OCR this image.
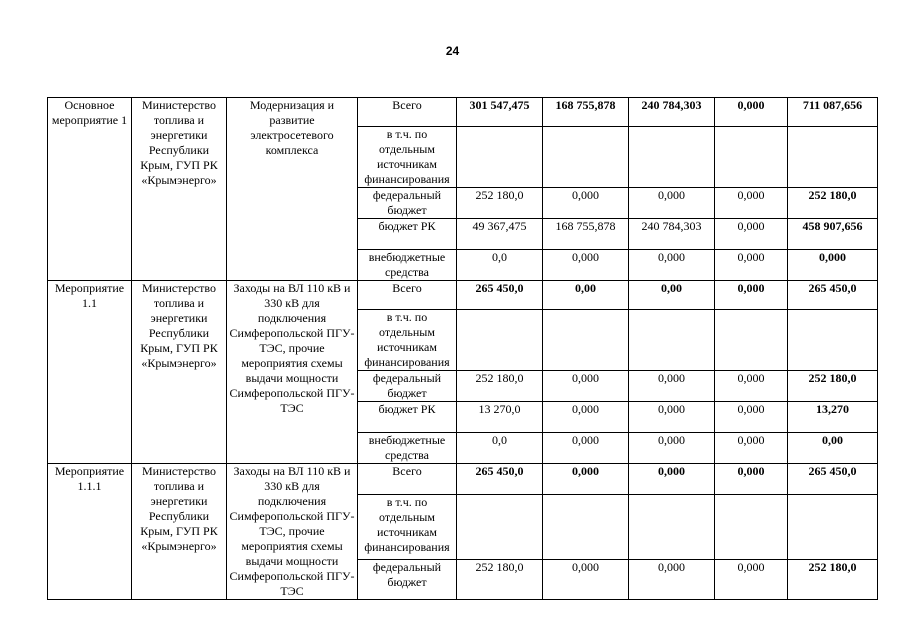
24
Основное мероприятие 1	Министерство топлива и энергетики Республики Крым, ГУП РК «Крымэнерго»	Модернизация и развитие электросетевого комплекса	Всего	301 547,475	168 755,878	240 784,303	0,000	711 087,656
			в т.ч. по отдельным источникам финансирования					
			федеральный бюджет	252 180,0	0,000	0,000	0,000	252 180,0
			бюджет РК	49 367,475	168 755,878	240 784,303	0,000	458 907,656
			внебюджетные средства	0,0	0,000	0,000	0,000	0,000
Мероприятие 1.1	Министерство топлива и энергетики Республики Крым, ГУП РК «Крымэнерго»	Заходы на ВЛ 110 кВ и 330 кВ для подключения Симферопольской ПГУ-ТЭС, прочие мероприятия схемы выдачи мощности Симферопольской ПГУ-ТЭС	Всего	265 450,0	0,00	0,00	0,000	265 450,0
			в т.ч. по отдельным источникам финансирования					
			федеральный бюджет	252 180,0	0,000	0,000	0,000	252 180,0
			бюджет РК	13 270,0	0,000	0,000	0,000	13,270
			внебюджетные средства	0,0	0,000	0,000	0,000	0,00
Мероприятие 1.1.1	Министерство топлива и энергетики Республики Крым, ГУП РК «Крымэнерго»	Заходы на ВЛ 110 кВ и 330 кВ для подключения Симферопольской ПГУ-ТЭС, прочие мероприятия схемы выдачи мощности Симферопольской ПГУ-ТЭС	Всего	265 450,0	0,000	0,000	0,000	265 450,0
			в т.ч. по отдельным источникам финансирования					
			федеральный бюджет	252 180,0	0,000	0,000	0,000	252 180,0
